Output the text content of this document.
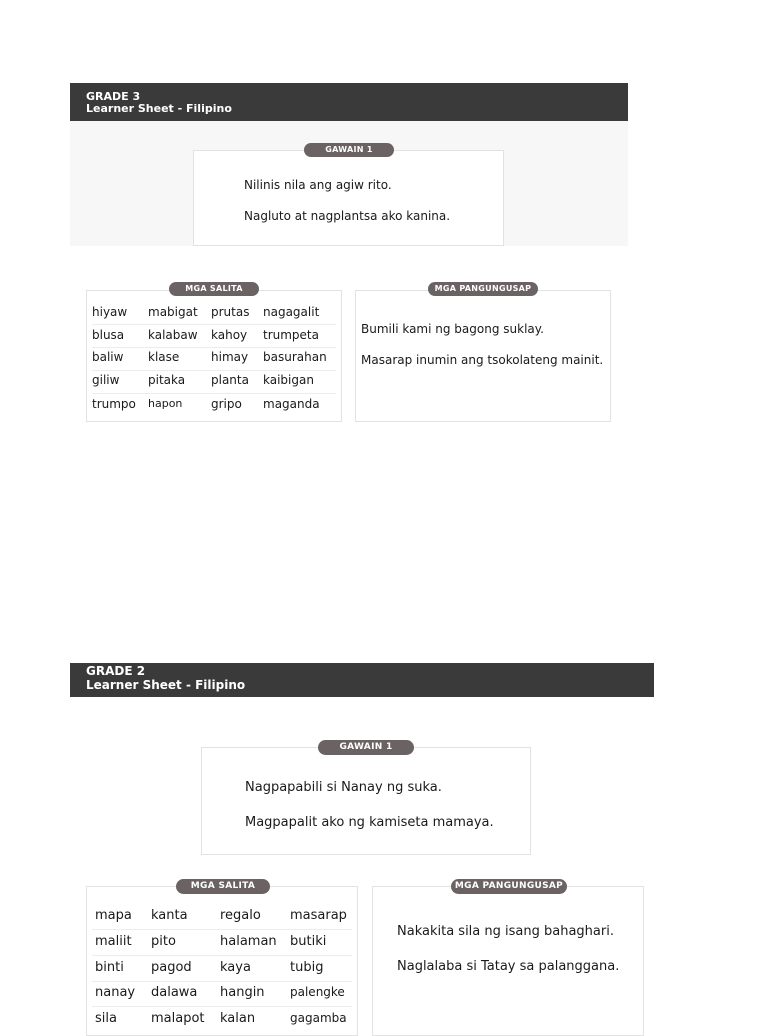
GRADE 3
Learner Sheet - Filipino
GAWAIN 1
Nilinis nila ang agiw rito.
Nagluto at nagplantsa ako kanina.
MGA SALITA
hiyaw mabigat prutas nagagalit
blusa kalabaw kahoy trumpeta
baliw klase	himay basurahan
giliw pitaka planta kaibigan
trumpo hapon gripo maganda
MGA PANGUNGUSAP
Bumili kami ng bagong suklay.
Masarap inumin ang tsokolateng mainit.
GRADE 2
Learner Sheet - Filipino
GAWAIN 1
Nagpapabili si Nanay ng suka.
Magpapalit ako ng kamiseta mamaya.
MGA SALITA
mapa kanta regalo masarap
maliit pito	halaman butiki
binti pagod kaya	tubig
nanay dalawa hangin palengke
sila	malapot kalan	gagamba
MGA PANGUNGUSAP
Nakakita sila ng isang bahaghari.
Naglalaba si Tatay sa palanggana.
